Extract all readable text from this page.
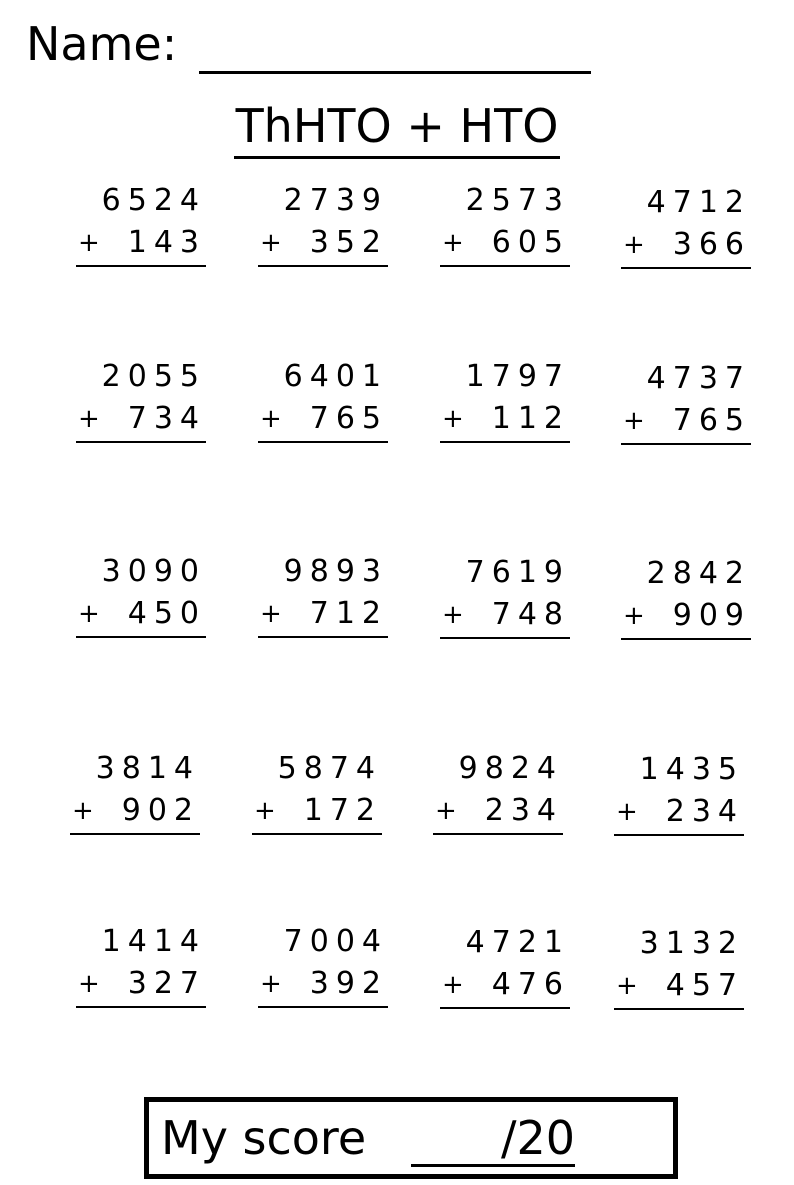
Name:
ThHTO + HTO
6524
+ 143
2739
+ 352
2573
+ 605
4712
+ 366
2055
+ 734
6401
+ 765
1797
+ 112
4737
+ 765
3090
+ 450
9893
+ 712
7619
+ 748
2842
+ 909
3814
+ 902
5874
+ 172
9824
+ 234
1435
+ 234
1414
+ 327
7004
+ 392
4721
+ 476
3132
+ 457
My score	/20
